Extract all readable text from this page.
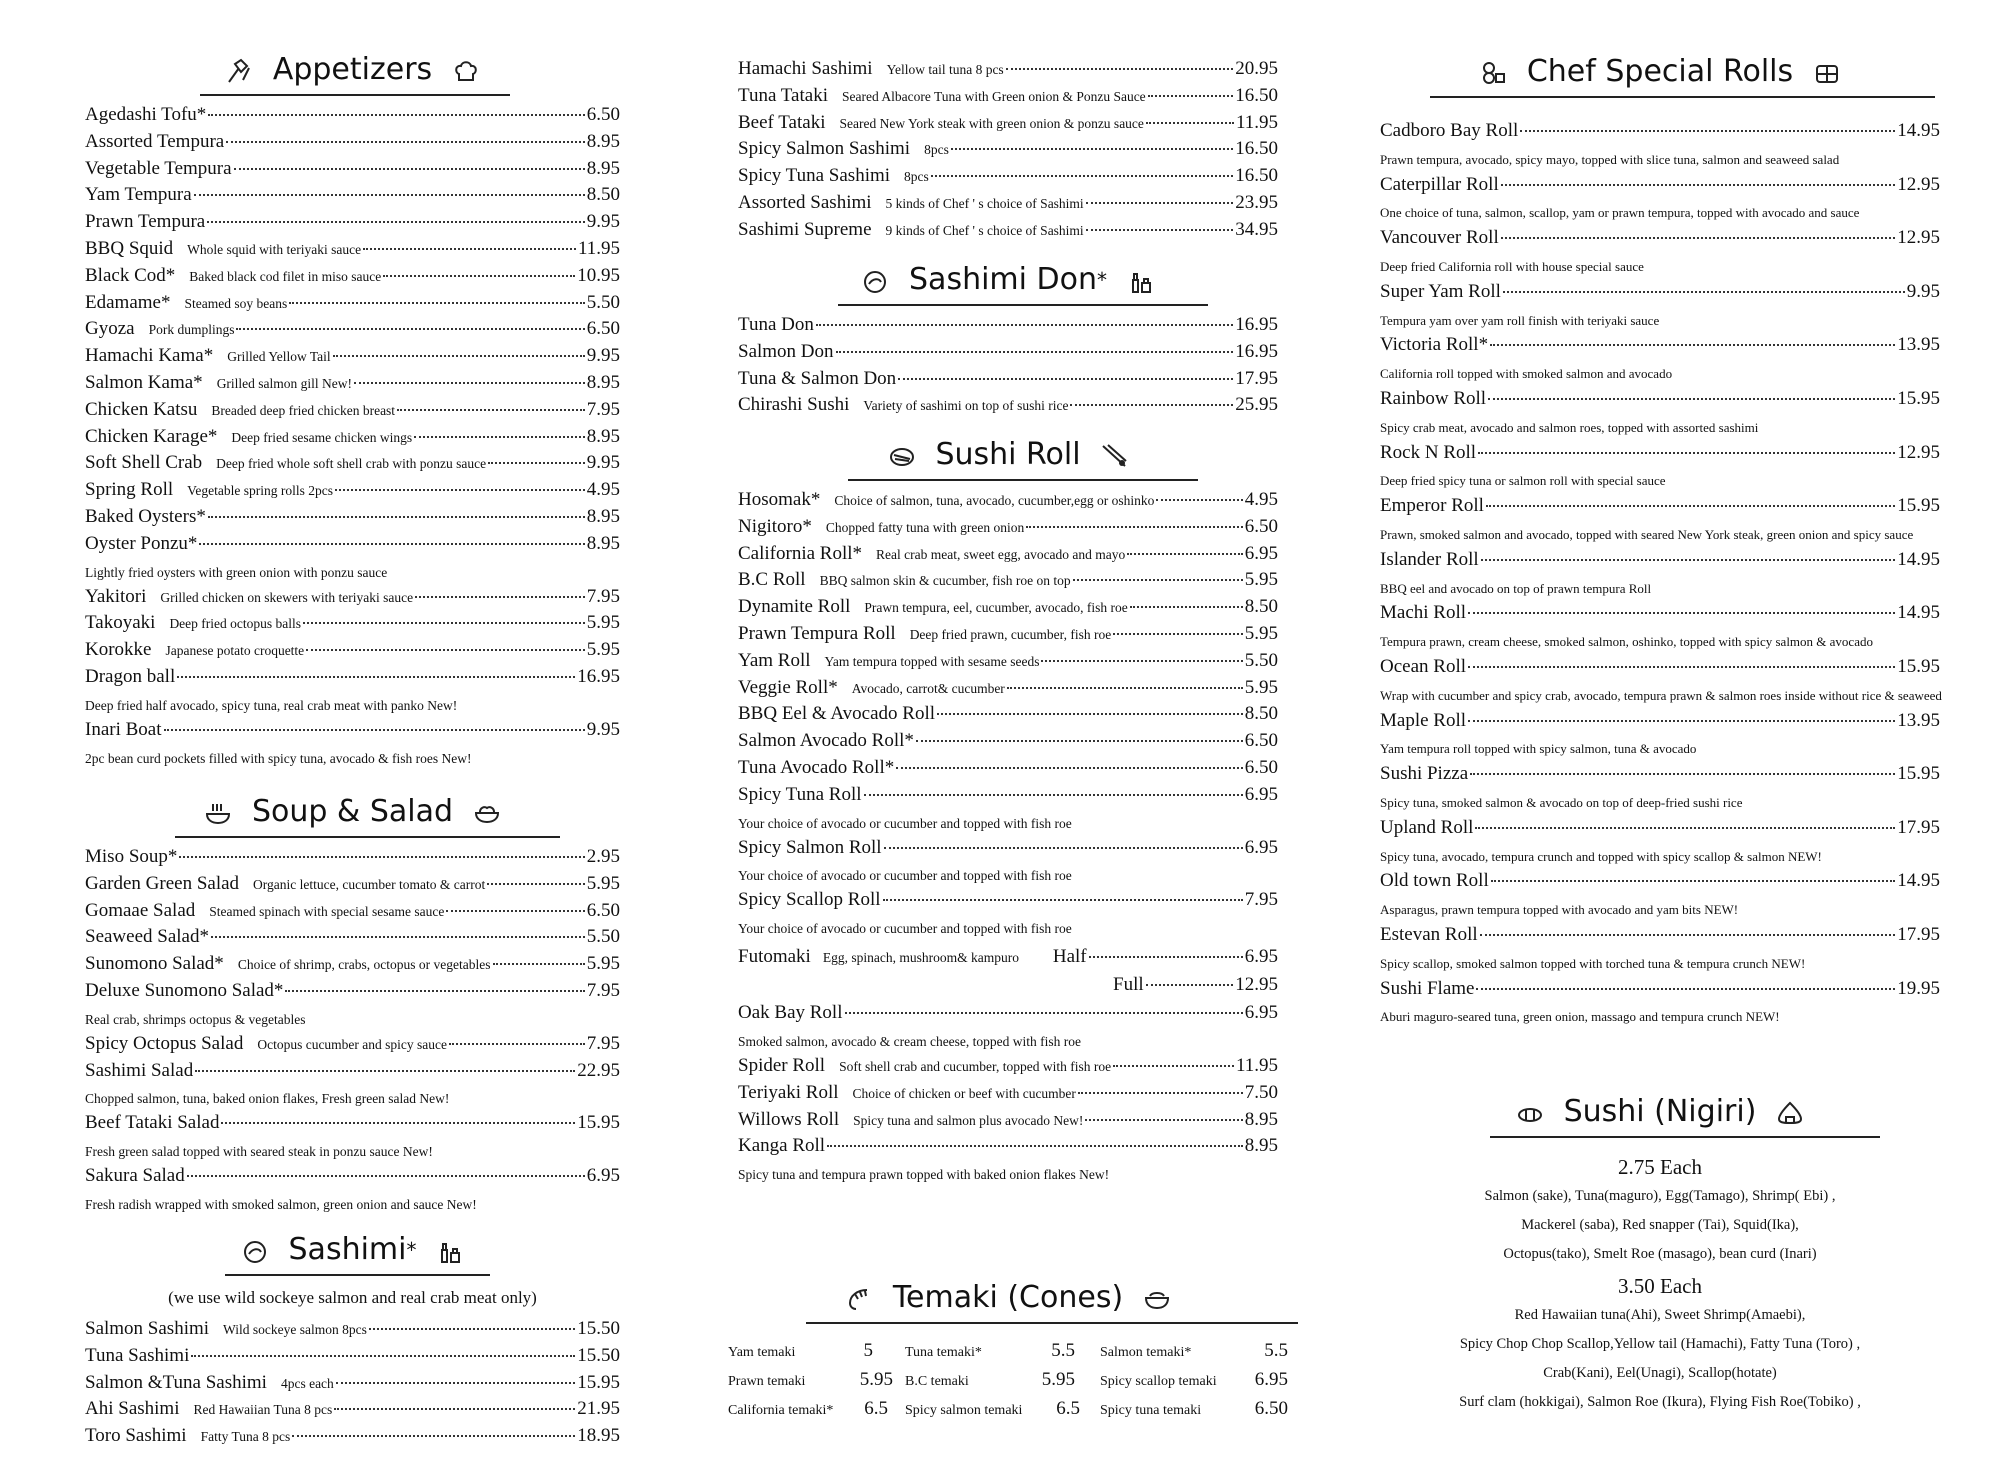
Appetizers
Agedashi Tofu*	6.50
Assorted Tempura	8.95
Vegetable Tempura	8.95
Yam Tempura	8.50
Prawn Tempura	9.95
BBQ Squid Whole squid with teriyaki sauce	11.95
Black Cod* Baked black cod filet in miso sauce	10.95
Edamame* Steamed soy beans	5.50
Gyoza Pork dumplings	6.50
Hamachi Kama* Grilled Yellow Tail	9.95
Salmon Kama* Grilled salmon gill New!	8.95
Chicken Katsu Breaded deep fried chicken breast	7.95
Chicken Karage* Deep fried sesame chicken wings	8.95
Soft Shell Crab Deep fried whole soft shell crab with ponzu sauce	9.95
Spring Roll Vegetable spring rolls 2pcs	4.95
Baked Oysters*	8.95
Oyster Ponzu*	8.95
Lightly fried oysters with green onion with ponzu sauce
Yakitori Grilled chicken on skewers with teriyaki sauce	7.95
Takoyaki Deep fried octopus balls	5.95
Korokke Japanese potato croquette	5.95
Dragon ball	16.95
Deep fried half avocado, spicy tuna, real crab meat with panko New!
Inari Boat	9.95
2pc bean curd pockets filled with spicy tuna, avocado & fish roes New!
Soup & Salad
Miso Soup*	2.95
Garden Green Salad Organic lettuce, cucumber tomato & carrot	5.95
Gomaae Salad Steamed spinach with special sesame sauce	6.50
Seaweed Salad*	5.50
Sunomono Salad* Choice of shrimp, crabs, octopus or vegetables	5.95
Deluxe Sunomono Salad*	7.95
Real crab, shrimps octopus & vegetables
Spicy Octopus Salad Octopus cucumber and spicy sauce	7.95
Sashimi Salad	22.95
Chopped salmon, tuna, baked onion flakes, Fresh green salad New!
Beef Tataki Salad	15.95
Fresh green salad topped with seared steak in ponzu sauce New!
Sakura Salad	6.95
Fresh radish wrapped with smoked salmon, green onion and sauce New!
Sashimi*
(we use wild sockeye salmon and real crab meat only)
Salmon Sashimi Wild sockeye salmon 8pcs	15.50
Tuna Sashimi	15.50
Salmon &Tuna Sashimi 4pcs each	15.95
Ahi Sashimi Red Hawaiian Tuna 8 pcs	21.95
Toro Sashimi Fatty Tuna 8 pcs	18.95
Hamachi Sashimi Yellow tail tuna 8 pcs	20.95
Tuna Tataki Seared Albacore Tuna with Green onion & Ponzu Sauce	16.50
Beef Tataki Seared New York steak with green onion & ponzu sauce	11.95
Spicy Salmon Sashimi 8pcs	16.50
Spicy Tuna Sashimi 8pcs	16.50
Assorted Sashimi 5 kinds of Chef ' s choice of Sashimi	23.95
Sashimi Supreme 9 kinds of Chef ' s choice of Sashimi	34.95
Sashimi Don*
Tuna Don	16.95
Salmon Don	16.95
Tuna & Salmon Don	17.95
Chirashi Sushi Variety of sashimi on top of sushi rice	25.95
Sushi Roll
Hosomak* Choice of salmon, tuna, avocado, cucumber,egg or oshinko	4.95
Nigitoro* Chopped fatty tuna with green onion	6.50
California Roll* Real crab meat, sweet egg, avocado and mayo	6.95
B.C Roll BBQ salmon skin & cucumber, fish roe on top	5.95
Dynamite Roll Prawn tempura, eel, cucumber, avocado, fish roe	8.50
Prawn Tempura Roll Deep fried prawn, cucumber, fish roe	5.95
Yam Roll Yam tempura topped with sesame seeds	5.50
Veggie Roll* Avocado, carrot& cucumber	5.95
BBQ Eel & Avocado Roll	8.50
Salmon Avocado Roll*	6.50
Tuna Avocado Roll*	6.50
Spicy Tuna Roll	6.95
Your choice of avocado or cucumber and topped with fish roe
Spicy Salmon Roll	6.95
Your choice of avocado or cucumber and topped with fish roe
Spicy Scallop Roll	7.95
Your choice of avocado or cucumber and topped with fish roe
Futomaki Egg, spinach, mushroom& kampuro	Half	6.95
Full	12.95
Oak Bay Roll	6.95
Smoked salmon, avocado & cream cheese, topped with fish roe
Spider Roll Soft shell crab and cucumber, topped with fish roe	11.95
Teriyaki Roll Choice of chicken or beef with cucumber	7.50
Willows Roll Spicy tuna and salmon plus avocado New!	8.95
Kanga Roll	8.95
Spicy tuna and tempura prawn topped with baked onion flakes New!
Temaki (Cones)
Yam temaki	5 Tuna temaki*	5.5 Salmon temaki*	5.5
Prawn temaki	5.95 B.C temaki	5.95 Spicy scallop temaki	6.95
California temaki*	6.5 Spicy salmon temaki	6.5 Spicy tuna temaki	6.50
Chef Special Rolls
Cadboro Bay Roll	14.95
Prawn tempura, avocado, spicy mayo, topped with slice tuna, salmon and seaweed salad
Caterpillar Roll	12.95
One choice of tuna, salmon, scallop, yam or prawn tempura, topped with avocado and sauce
Vancouver Roll	12.95
Deep fried California roll with house special sauce
Super Yam Roll	9.95
Tempura yam over yam roll finish with teriyaki sauce
Victoria Roll*	13.95
California roll topped with smoked salmon and avocado
Rainbow Roll	15.95
Spicy crab meat, avocado and salmon roes, topped with assorted sashimi
Rock N Roll	12.95
Deep fried spicy tuna or salmon roll with special sauce
Emperor Roll	15.95
Prawn, smoked salmon and avocado, topped with seared New York steak, green onion and spicy sauce
Islander Roll	14.95
BBQ eel and avocado on top of prawn tempura Roll
Machi Roll	14.95
Tempura prawn, cream cheese, smoked salmon, oshinko, topped with spicy salmon & avocado
Ocean Roll	15.95
Wrap with cucumber and spicy crab, avocado, tempura prawn & salmon roes inside without rice & seaweed
Maple Roll	13.95
Yam tempura roll topped with spicy salmon, tuna & avocado
Sushi Pizza	15.95
Spicy tuna, smoked salmon & avocado on top of deep-fried sushi rice
Upland Roll	17.95
Spicy tuna, avocado, tempura crunch and topped with spicy scallop & salmon NEW!
Old town Roll	14.95
Asparagus, prawn tempura topped with avocado and yam bits NEW!
Estevan Roll	17.95
Spicy scallop, smoked salmon topped with torched tuna & tempura crunch NEW!
Sushi Flame	19.95
Aburi maguro-seared tuna, green onion, massago and tempura crunch NEW!
Sushi (Nigiri)
2.75 Each
Salmon (sake), Tuna(maguro), Egg(Tamago), Shrimp( Ebi) ,
Mackerel (saba), Red snapper (Tai), Squid(Ika),
Octopus(tako), Smelt Roe (masago), bean curd (Inari)
3.50 Each
Red Hawaiian tuna(Ahi), Sweet Shrimp(Amaebi),
Spicy Chop Chop Scallop,Yellow tail (Hamachi), Fatty Tuna (Toro) ,
Crab(Kani), Eel(Unagi), Scallop(hotate)
Surf clam (hokkigai), Salmon Roe (Ikura), Flying Fish Roe(Tobiko) ,
